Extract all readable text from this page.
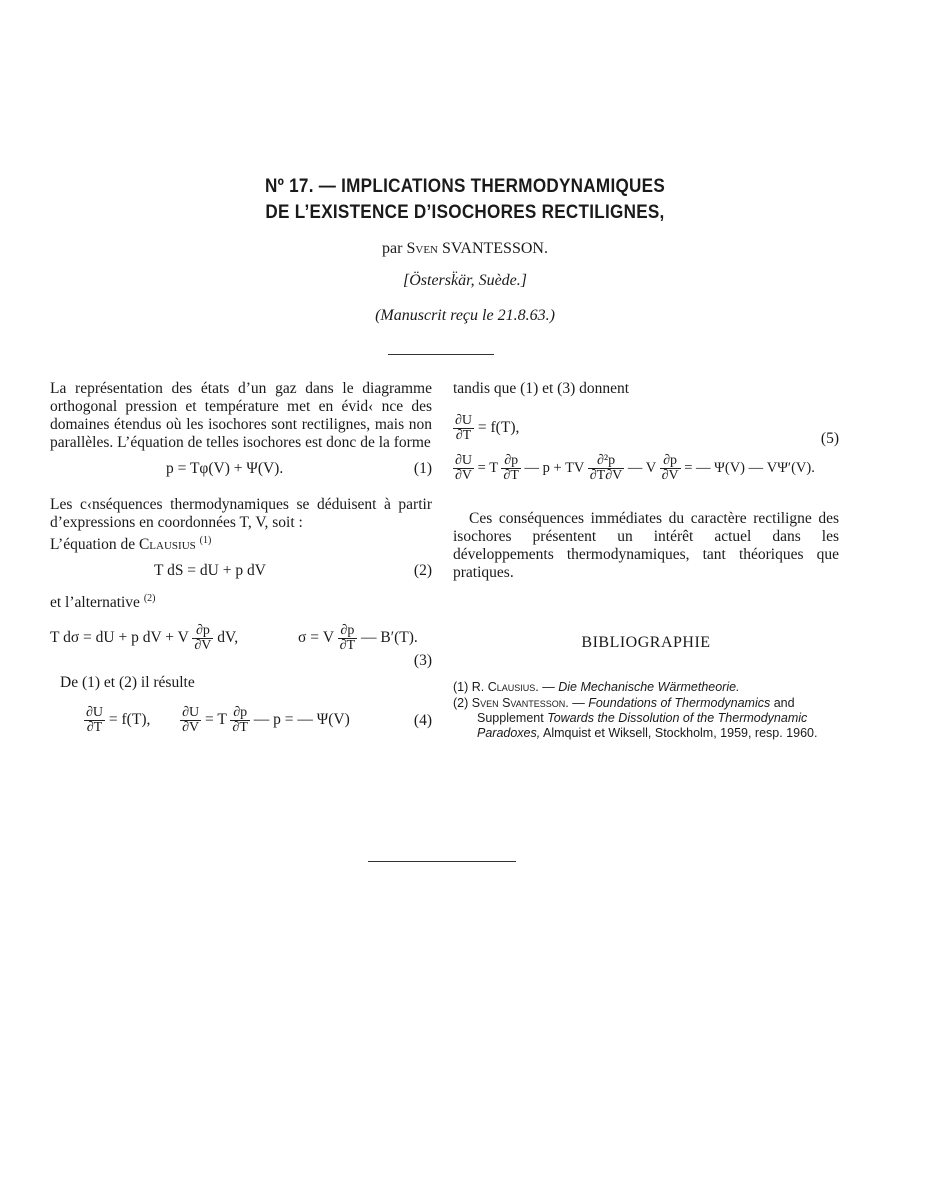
Nº 17. — IMPLICATIONS THERMODYNAMIQUES
DE L’EXISTENCE D’ISOCHORES RECTILIGNES,
par Sven SVANTESSON.
[Östersk̈är, Suède.]
(Manuscrit reçu le 21.8.63.)

La représentation des états d’un gaz dans le diagramme orthogonal pression et température met en évid‹ nce des domaines étendus où les isochores sont rectilignes, mais non parallèles. L’équation de telles isochores est donc de la forme

p = Tφ(V) + Ψ(V).	(1)

Les c‹nséquences thermodynamiques se déduisent à partir d’expressions en coordonnées T, V, soit :

L’équation de Clausius $^{(1)}$

T dS = dU + p dV	(2)

et l’alternative $^{(2)}$

T dσ = dU + p dV + V $\frac{\partial p}{\partial V}$ dV,	σ = V $\frac{\partial p}{\partial T}$ — B′(T).
(3)

De (1) et (2) il résulte

$\frac{\partial U}{\partial T} = f(T)$, $\frac{\partial U}{\partial V} = T \frac{\partial p}{\partial T}$ — p = — Ψ(V)	(4)

tandis que (1) et (3) donnent

$\frac{\partial U}{\partial T} = f(T)$,
(5)
$\frac{\partial U}{\partial V} = T \frac{\partial p}{\partial T}$ — p + TV $\frac{\text{∂²p}}{\partial T\partial V}$ — V $\frac{\partial p}{\partial V}$ = — Ψ(V) — VΨ′(V).

Ces conséquences immédiates du caractère rectiligne des isochores présentent un intérêt actuel dans les développements thermodynamiques, tant théoriques que pratiques.

BIBLIOGRAPHIE
(1) R. Clausius. — Die Mechanische Wärmetheorie.
(2) Sven Svantesson. — Foundations of Thermodynamics and Supplement Towards the Dissolution of the Thermodynamic Paradoxes, Almquist et Wiksell, Stockholm, 1959, resp. 1960.
